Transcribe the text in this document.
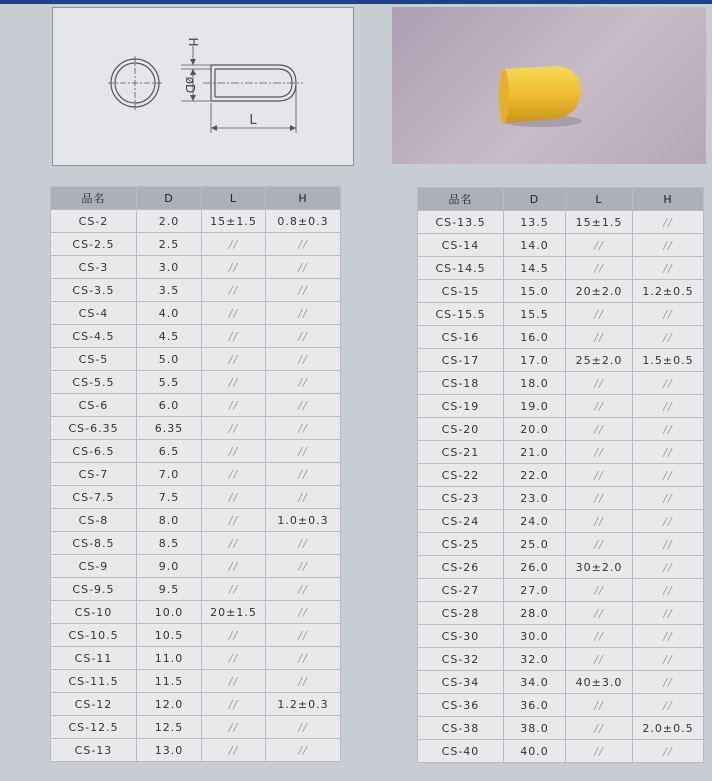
H
øD
L
品名	D	L	H
CS-2	2.0	15±1.5	0.8±0.3
CS-2.5	2.5	//	//
CS-3	3.0	//	//
CS-3.5	3.5	//	//
CS-4	4.0	//	//
CS-4.5	4.5	//	//
CS-5	5.0	//	//
CS-5.5	5.5	//	//
CS-6	6.0	//	//
CS-6.35	6.35	//	//
CS-6.5	6.5	//	//
CS-7	7.0	//	//
CS-7.5	7.5	//	//
CS-8	8.0	//	1.0±0.3
CS-8.5	8.5	//	//
CS-9	9.0	//	//
CS-9.5	9.5	//	//
CS-10	10.0	20±1.5	//
CS-10.5	10.5	//	//
CS-11	11.0	//	//
CS-11.5	11.5	//	//
CS-12	12.0	//	1.2±0.3
CS-12.5	12.5	//	//
CS-13	13.0	//	//
品名	D	L	H
CS-13.5	13.5	15±1.5	//
CS-14	14.0	//	//
CS-14.5	14.5	//	//
CS-15	15.0	20±2.0	1.2±0.5
CS-15.5	15.5	//	//
CS-16	16.0	//	//
CS-17	17.0	25±2.0	1.5±0.5
CS-18	18.0	//	//
CS-19	19.0	//	//
CS-20	20.0	//	//
CS-21	21.0	//	//
CS-22	22.0	//	//
CS-23	23.0	//	//
CS-24	24.0	//	//
CS-25	25.0	//	//
CS-26	26.0	30±2.0	//
CS-27	27.0	//	//
CS-28	28.0	//	//
CS-30	30.0	//	//
CS-32	32.0	//	//
CS-34	34.0	40±3.0	//
CS-36	36.0	//	//
CS-38	38.0	//	2.0±0.5
CS-40	40.0	//	//
